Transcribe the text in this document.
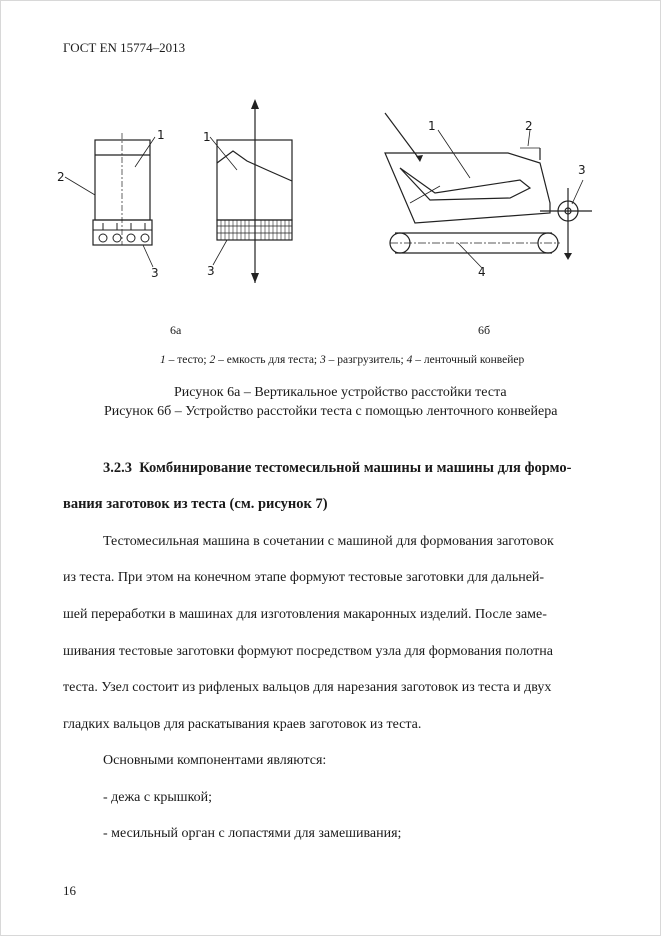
ГОСТ EN 15774–2013
2
1
3
1
3
1	2
3
4
6а	6б
1 – тесто; 2 – емкость для теста; 3 – разгрузитель; 4 – ленточный конвейер
Рисунок 6а – Вертикальное устройство расстойки теста
Рисунок 6б – Устройство расстойки теста с помощью ленточного конвейера
3.2.3 Комбинирование тестомесильной машины и машины для формо-
вания заготовок из теста (см. рисунок 7)
Тестомесильная машина в сочетании с машиной для формования заготовок
из теста. При этом на конечном этапе формуют тестовые заготовки для дальней-
шей переработки в машинах для изготовления макаронных изделий. После заме-
шивания тестовые заготовки формуют посредством узла для формования полотна
теста. Узел состоит из рифленых вальцов для нарезания заготовок из теста и двух
гладких вальцов для раскатывания краев заготовок из теста.
Основными компонентами являются:
- дежа с крышкой;
- месильный орган с лопастями для замешивания;
16
